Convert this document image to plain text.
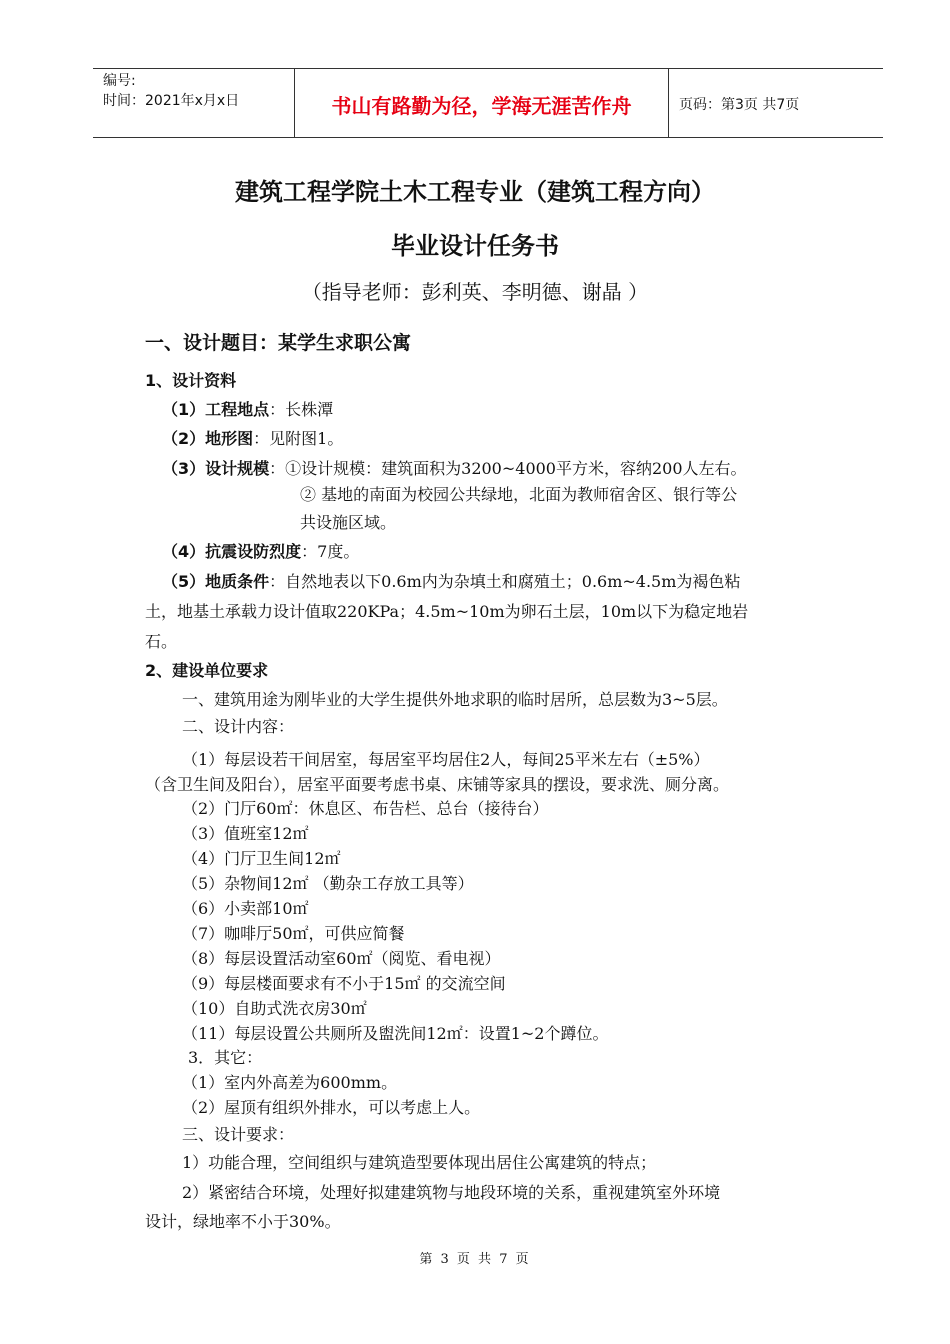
编号:
时间：2021年x月x日	书山有路勤为径，学海无涯苦作舟	页码：第3页 共7页
建筑工程学院土木工程专业（建筑工程方向）
毕业设计任务书
（指导老师：彭利英、李明德、谢晶 ）
一、设计题目：某学生求职公寓
1、设计资料
（1）工程地点：长株潭
（2）地形图：见附图1。
（3）设计规模：①设计规模：建筑面积为3200~4000平方米，容纳200人左右。
② 基地的南面为校园公共绿地，北面为教师宿舍区、银行等公
共设施区域。
（4）抗震设防烈度：7度。
（5）地质条件：自然地表以下0.6m内为杂填土和腐殖土；0.6m~4.5m为褐色粘
土，地基土承载力设计值取220KPa；4.5m~10m为卵石土层，10m以下为稳定地岩
石。
2、建设单位要求
一、建筑用途为刚毕业的大学生提供外地求职的临时居所，总层数为3~5层。
二、设计内容：
（1）每层设若干间居室，每居室平均居住2人，每间25平米左右（±5%）
（含卫生间及阳台），居室平面要考虑书桌、床铺等家具的摆设，要求洗、厕分离。
（2）门厅60㎡：休息区、布告栏、总台（接待台）
（3）值班室12㎡
（4）门厅卫生间12㎡
（5）杂物间12㎡ （勤杂工存放工具等）
（6）小卖部10㎡
（7）咖啡厅50㎡，可供应简餐
（8）每层设置活动室60㎡（阅览、看电视）
（9）每层楼面要求有不小于15㎡ 的交流空间
（10）自助式洗衣房30㎡
（11）每层设置公共厕所及盥洗间12㎡：设置1~2个蹲位。
3．其它：
（1）室内外高差为600mm。
（2）屋顶有组织外排水，可以考虑上人。
三、设计要求：
1）功能合理，空间组织与建筑造型要体现出居住公寓建筑的特点；
2）紧密结合环境，处理好拟建建筑物与地段环境的关系，重视建筑室外环境
设计，绿地率不小于30%。
第 3 页 共 7 页
